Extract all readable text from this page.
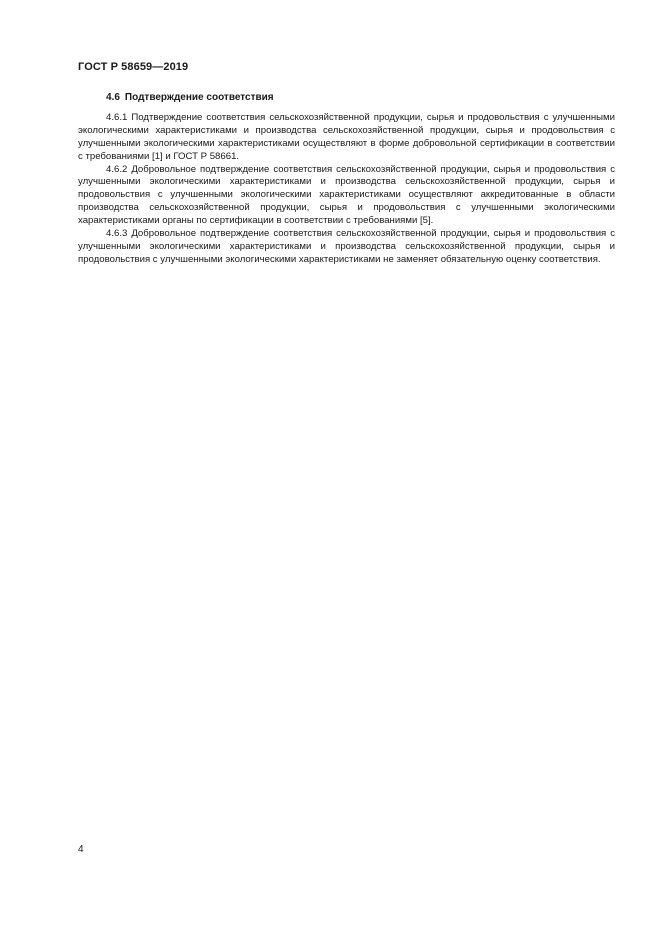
ГОСТ Р 58659—2019

4.6 Подтверждение соответствия

4.6.1 Подтверждение соответствия сельскохозяйственной продукции, сырья и продовольствия с улучшенными экологическими характеристиками и производства сельскохозяйственной продукции, сырья и продовольствия с улучшенными экологическими характеристиками осуществляют в форме добровольной сертификации в соответствии с требованиями [1] и ГОСТ Р 58661.

4.6.2 Добровольное подтверждение соответствия сельскохозяйственной продукции, сырья и продовольствия с улучшенными экологическими характеристиками и производства сельскохозяйственной продукции, сырья и продовольствия с улучшенными экологическими характеристиками осуществляют аккредитованные в области производства сельскохозяйственной продукции, сырья и продовольствия с улучшенными экологическими характеристиками органы по сертификации в соответствии с требованиями [5].

4.6.3 Добровольное подтверждение соответствия сельскохозяйственной продукции, сырья и продовольствия с улучшенными экологическими характеристиками и производства сельскохозяйственной продукции, сырья и продовольствия с улучшенными экологическими характеристиками не заменяет обязательную оценку соответствия.

4
